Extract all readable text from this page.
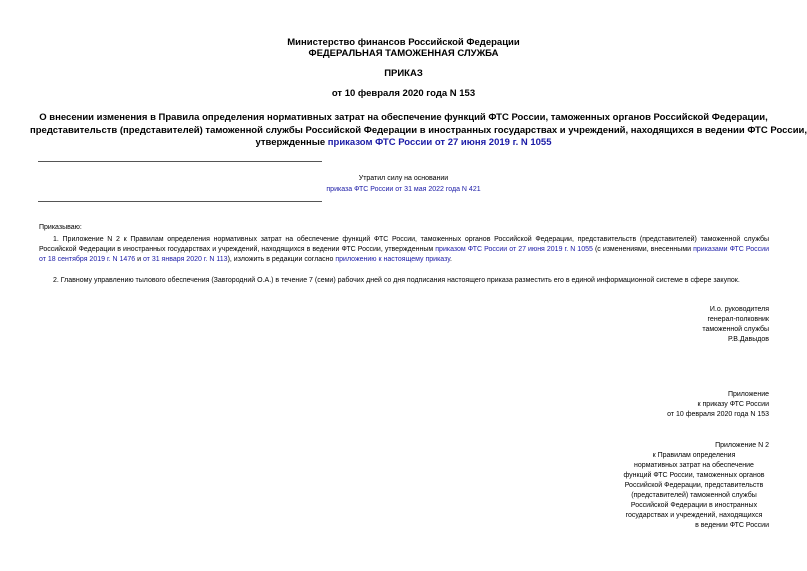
Министерство финансов Российской Федерации
ФЕДЕРАЛЬНАЯ ТАМОЖЕННАЯ СЛУЖБА
ПРИКАЗ
от 10 февраля 2020 года N 153
О внесении изменения в Правила определения нормативных затрат на обеспечение функций ФТС России, таможенных органов Российской Федерации,
представительств (представителей) таможенной службы Российской Федерации в иностранных государствах и учреждений, находящихся в ведении ФТС России,
утвержденные приказом ФТС России от 27 июня 2019 г. N 1055
Утратил силу на основании
приказа ФТС России от 31 мая 2022 года N 421
Приказываю:
1. Приложение N 2 к Правилам определения нормативных затрат на обеспечение функций ФТС России, таможенных органов Российской Федерации, представительств (представителей) таможенной службы Российской Федерации в иностранных государствах и учреждений, находящихся в ведении ФТС России, утвержденным приказом ФТС России от 27 июня 2019 г. N 1055 (с изменениями, внесенными приказами ФТС России от 18 сентября 2019 г. N 1476 и от 31 января 2020 г. N 113), изложить в редакции согласно приложению к настоящему приказу.
2. Главному управлению тылового обеспечения (Завгородний О.А.) в течение 7 (семи) рабочих дней со дня подписания настоящего приказа разместить его в единой информационной системе в сфере закупок.
И.о. руководителя
генерал-полковник
таможенной службы
Р.В.Давыдов
Приложение
к приказу ФТС России
от 10 февраля 2020 года N 153
Приложение N 2
к Правилам определения
нормативных затрат на обеспечение
функций ФТС России, таможенных органов
Российской Федерации, представительств
(представителей) таможенной службы
Российской Федерации в иностранных
государствах и учреждений, находящихся
в ведении ФТС России
